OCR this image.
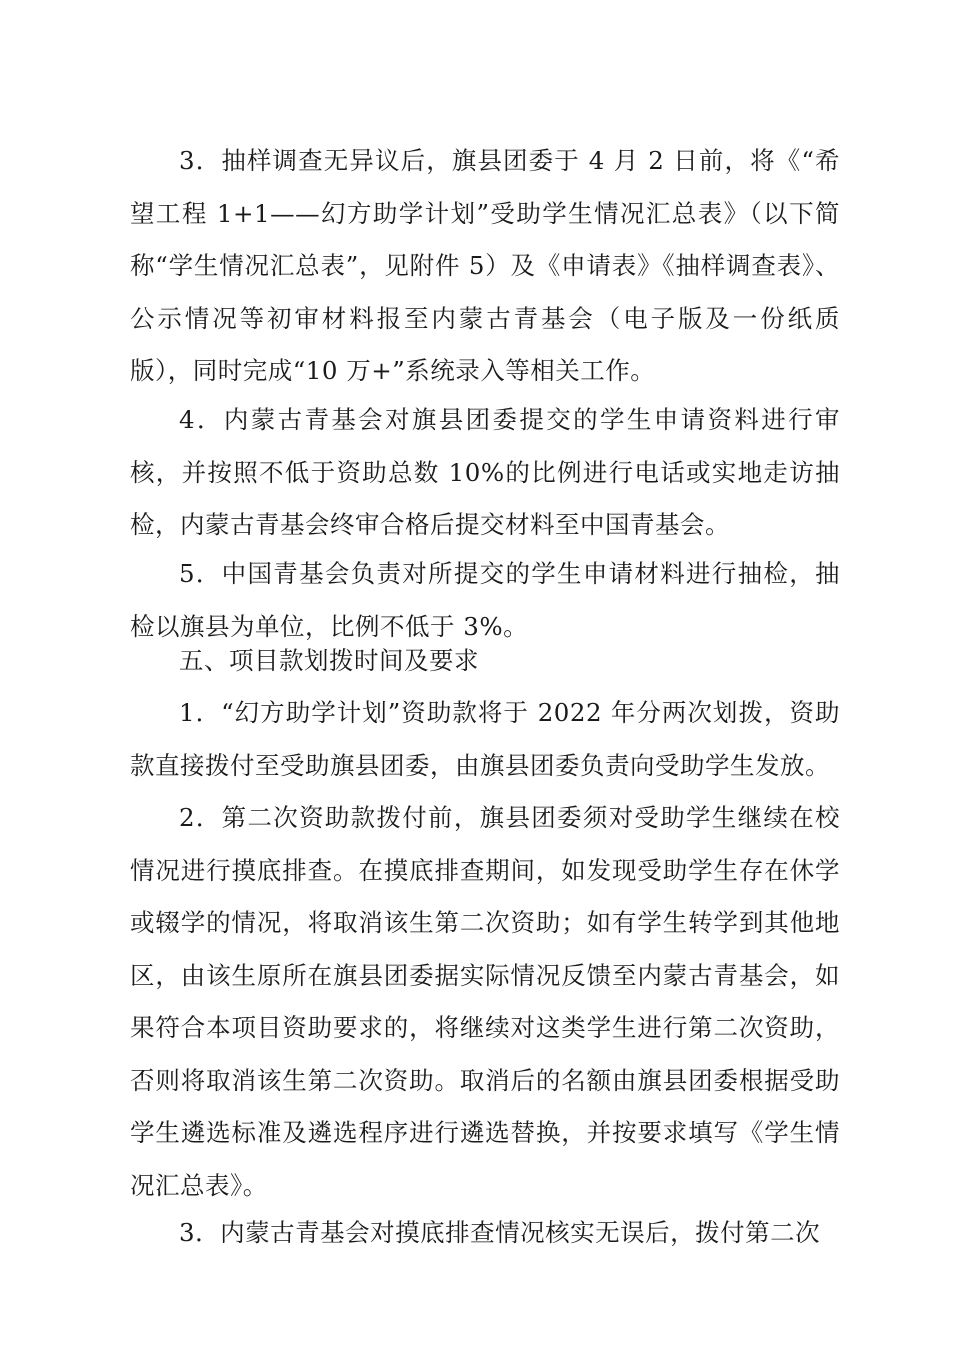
3．抽样调查无异议后，旗县团委于 4 月 2 日前，将《“希望工程 1+1——幻方助学计划”受助学生情况汇总表》（以下简称“学生情况汇总表”，见附件 5）及《申请表》《抽样调查表》、公示情况等初审材料报至内蒙古青基会（电子版及一份纸质版），同时完成“10 万+”系统录入等相关工作。

4．内蒙古青基会对旗县团委提交的学生申请资料进行审核，并按照不低于资助总数 10%的比例进行电话或实地走访抽检，内蒙古青基会终审合格后提交材料至中国青基会。

5．中国青基会负责对所提交的学生申请材料进行抽检，抽检以旗县为单位，比例不低于 3%。

五、项目款划拨时间及要求

1．“幻方助学计划”资助款将于 2022 年分两次划拨，资助款直接拨付至受助旗县团委，由旗县团委负责向受助学生发放。

2．第二次资助款拨付前，旗县团委须对受助学生继续在校情况进行摸底排查。在摸底排查期间，如发现受助学生存在休学或辍学的情况，将取消该生第二次资助；如有学生转学到其他地区，由该生原所在旗县团委据实际情况反馈至内蒙古青基会，如果符合本项目资助要求的，将继续对这类学生进行第二次资助，否则将取消该生第二次资助。取消后的名额由旗县团委根据受助学生遴选标准及遴选程序进行遴选替换，并按要求填写《学生情况汇总表》。

3．内蒙古青基会对摸底排查情况核实无误后，拨付第二次
